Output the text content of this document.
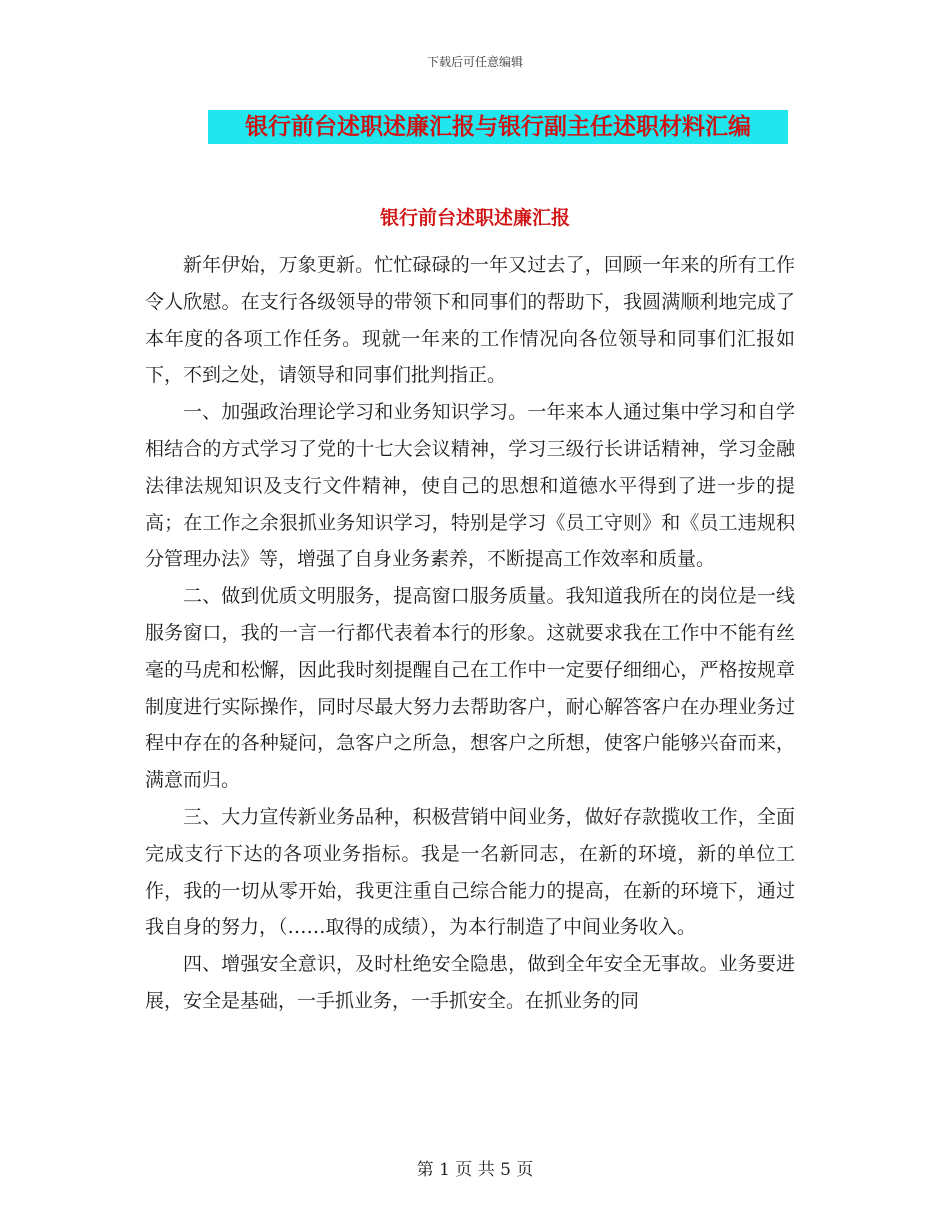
下载后可任意编辑
银行前台述职述廉汇报与银行副主任述职材料汇编
银行前台述职述廉汇报

新年伊始，万象更新。忙忙碌碌的一年又过去了，回顾一年来的所有工作令人欣慰。在支行各级领导的带领下和同事们的帮助下，我圆满顺利地完成了本年度的各项工作任务。现就一年来的工作情况向各位领导和同事们汇报如下，不到之处，请领导和同事们批判指正。

一、加强政治理论学习和业务知识学习。一年来本人通过集中学习和自学相结合的方式学习了党的十七大会议精神，学习三级行长讲话精神，学习金融法律法规知识及支行文件精神，使自己的思想和道德水平得到了进一步的提高；在工作之余狠抓业务知识学习，特别是学习《员工守则》和《员工违规积分管理办法》等，增强了自身业务素养，不断提高工作效率和质量。

二、做到优质文明服务，提高窗口服务质量。我知道我所在的岗位是一线服务窗口，我的一言一行都代表着本行的形象。这就要求我在工作中不能有丝毫的马虎和松懈，因此我时刻提醒自己在工作中一定要仔细细心，严格按规章制度进行实际操作，同时尽最大努力去帮助客户，耐心解答客户在办理业务过程中存在的各种疑问，急客户之所急，想客户之所想，使客户能够兴奋而来，满意而归。

三、大力宣传新业务品种，积极营销中间业务，做好存款揽收工作，全面完成支行下达的各项业务指标。我是一名新同志，在新的环境，新的单位工作，我的一切从零开始，我更注重自己综合能力的提高，在新的环境下，通过我自身的努力，（……取得的成绩），为本行制造了中间业务收入。

四、增强安全意识，及时杜绝安全隐患，做到全年安全无事故。业务要进展，安全是基础，一手抓业务，一手抓安全。在抓业务的同

第 1 页 共 5 页
